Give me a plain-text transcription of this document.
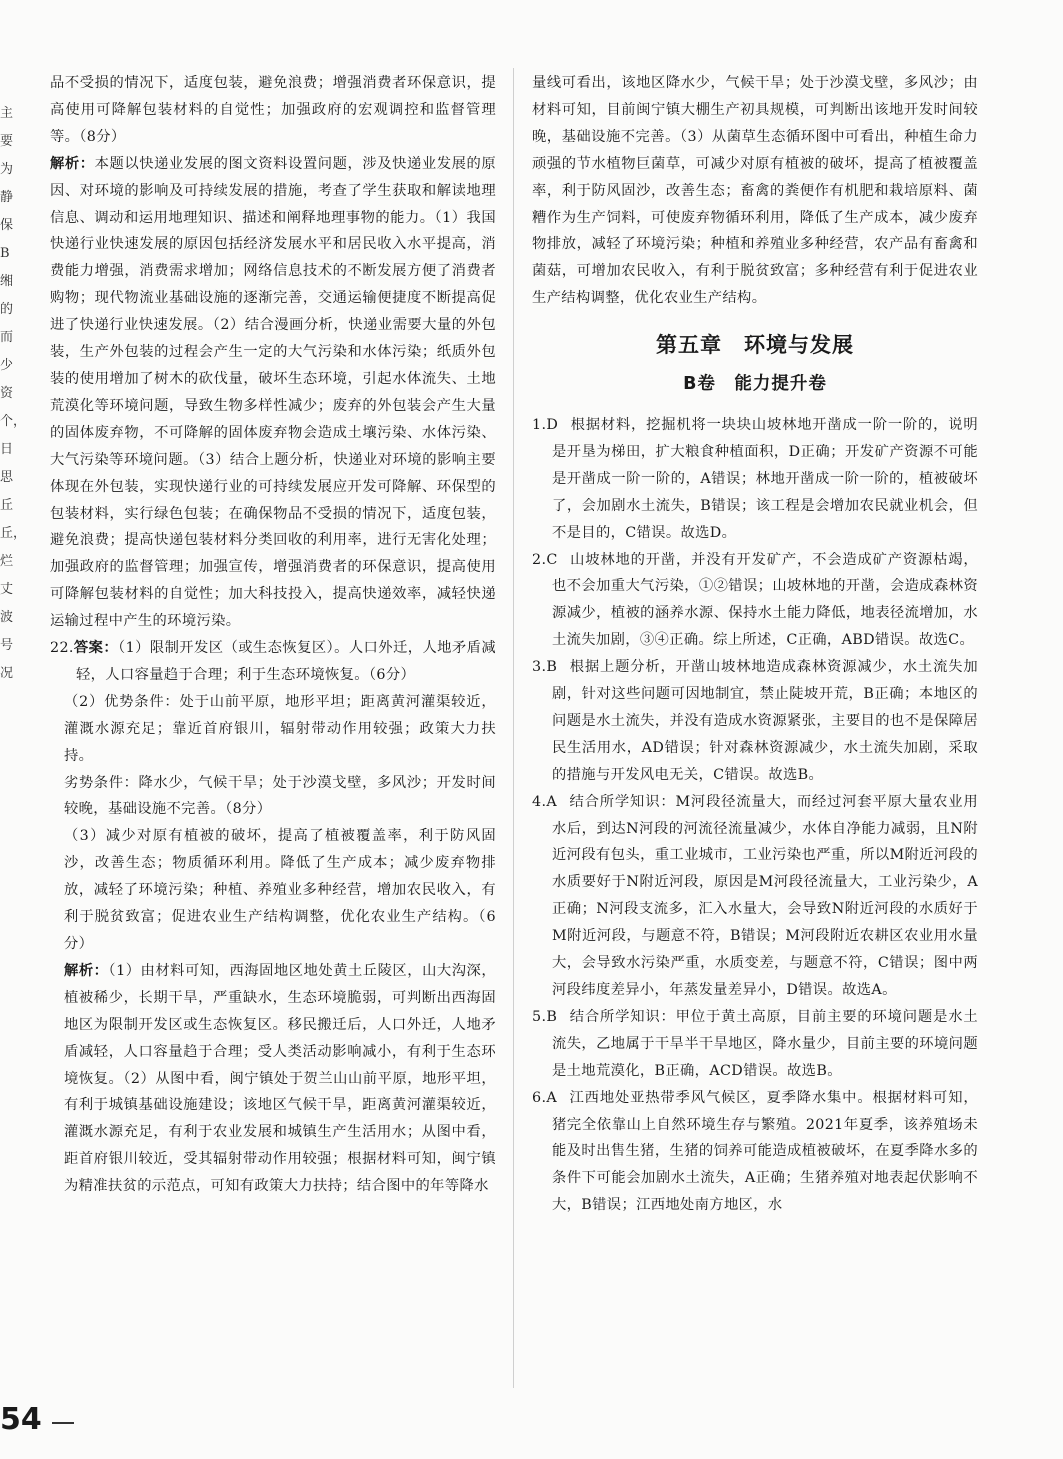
主要为静保B缃的而少资个，日思丘丘，烂丈波号况

品不受损的情况下，适度包装，避免浪费；增强消费者环保意识，提高使用可降解包装材料的自觉性；加强政府的宏观调控和监督管理等。（8分）

解析：本题以快递业发展的图文资料设置问题，涉及快递业发展的原因、对环境的影响及可持续发展的措施，考查了学生获取和解读地理信息、调动和运用地理知识、描述和阐释地理事物的能力。（1）我国快递行业快速发展的原因包括经济发展水平和居民收入水平提高，消费能力增强，消费需求增加；网络信息技术的不断发展方便了消费者购物；现代物流业基础设施的逐渐完善，交通运输便捷度不断提高促进了快递行业快速发展。（2）结合漫画分析，快递业需要大量的外包装，生产外包装的过程会产生一定的大气污染和水体污染；纸质外包装的使用增加了树木的砍伐量，破坏生态环境，引起水体流失、土地荒漠化等环境问题，导致生物多样性减少；废弃的外包装会产生大量的固体废弃物，不可降解的固体废弃物会造成土壤污染、水体污染、大气污染等环境问题。（3）结合上题分析，快递业对环境的影响主要体现在外包装，实现快递行业的可持续发展应开发可降解、环保型的包装材料，实行绿色包装；在确保物品不受损的情况下，适度包装，避免浪费；提高快递包装材料分类回收的利用率，进行无害化处理；加强政府的监督管理；加强宣传，增强消费者的环保意识，提高使用可降解包装材料的自觉性；加大科技投入，提高快递效率，减轻快递运输过程中产生的环境污染。

22.答案：（1）限制开发区（或生态恢复区）。人口外迁，人地矛盾减轻，人口容量趋于合理；利于生态环境恢复。（6分）

（2）优势条件：处于山前平原，地形平坦；距离黄河灌渠较近，灌溉水源充足；靠近首府银川，辐射带动作用较强；政策大力扶持。

劣势条件：降水少，气候干旱；处于沙漠戈壁，多风沙；开发时间较晚，基础设施不完善。（8分）

（3）减少对原有植被的破坏，提高了植被覆盖率，利于防风固沙，改善生态；物质循环利用。降低了生产成本；减少废弃物排放，减轻了环境污染；种植、养殖业多种经营，增加农民收入，有利于脱贫致富；促进农业生产结构调整，优化农业生产结构。（6分）

解析：（1）由材料可知，西海固地区地处黄土丘陵区，山大沟深，植被稀少，长期干旱，严重缺水，生态环境脆弱，可判断出西海固地区为限制开发区或生态恢复区。移民搬迁后，人口外迁，人地矛盾减轻，人口容量趋于合理；受人类活动影响减小，有利于生态环境恢复。（2）从图中看，闽宁镇处于贺兰山山前平原，地形平坦，有利于城镇基础设施建设；该地区气候干旱，距离黄河灌渠较近，灌溉水源充足，有利于农业发展和城镇生产生活用水；从图中看，距首府银川较近，受其辐射带动作用较强；根据材料可知，闽宁镇为精准扶贫的示范点，可知有政策大力扶持；结合图中的年等降水

量线可看出，该地区降水少，气候干旱；处于沙漠戈壁，多风沙；由材料可知，目前闽宁镇大棚生产初具规模，可判断出该地开发时间较晚，基础设施不完善。（3）从菌草生态循环图中可看出，种植生命力顽强的节水植物巨菌草，可减少对原有植被的破坏，提高了植被覆盖率，利于防风固沙，改善生态；畜禽的粪便作有机肥和栽培原料、菌糟作为生产饲料，可使废弃物循环利用，降低了生产成本，减少废弃物排放，减轻了环境污染；种植和养殖业多种经营，农产品有畜禽和菌菇，可增加农民收入，有利于脱贫致富；多种经营有利于促进农业生产结构调整，优化农业生产结构。

第五章　环境与发展
B卷　能力提升卷

1.D 根据材料，挖掘机将一块块山坡林地开凿成一阶一阶的，说明是开垦为梯田，扩大粮食种植面积，D正确；开发矿产资源不可能是开凿成一阶一阶的，A错误；林地开凿成一阶一阶的，植被破坏了，会加剧水土流失，B错误；该工程是会增加农民就业机会，但不是目的，C错误。故选D。

2.C 山坡林地的开凿，并没有开发矿产，不会造成矿产资源枯竭，也不会加重大气污染，①②错误；山坡林地的开凿，会造成森林资源减少，植被的涵养水源、保持水土能力降低，地表径流增加，水土流失加剧，③④正确。综上所述，C正确，ABD错误。故选C。

3.B 根据上题分析，开凿山坡林地造成森林资源减少，水土流失加剧，针对这些问题可因地制宜，禁止陡坡开荒，B正确；本地区的问题是水土流失，并没有造成水资源紧张，主要目的也不是保障居民生活用水，AD错误；针对森林资源减少，水土流失加剧，采取的措施与开发风电无关，C错误。故选B。

4.A 结合所学知识：M河段径流量大，而经过河套平原大量农业用水后，到达N河段的河流径流量减少，水体自净能力减弱，且N附近河段有包头，重工业城市，工业污染也严重，所以M附近河段的水质要好于N附近河段，原因是M河段径流量大，工业污染少，A正确；N河段支流多，汇入水量大，会导致N附近河段的水质好于M附近河段，与题意不符，B错误；M河段附近农耕区农业用水量大，会导致水污染严重，水质变差，与题意不符，C错误；图中两河段纬度差异小，年蒸发量差异小，D错误。故选A。

5.B 结合所学知识：甲位于黄土高原，目前主要的环境问题是水土流失，乙地属于干旱半干旱地区，降水量少，目前主要的环境问题是土地荒漠化，B正确，ACD错误。故选B。

6.A 江西地处亚热带季风气候区，夏季降水集中。根据材料可知，猪完全依靠山上自然环境生存与繁殖。2021年夏季，该养殖场未能及时出售生猪，生猪的饲养可能造成植被破坏，在夏季降水多的条件下可能会加剧水土流失，A正确；生猪养殖对地表起伏影响不大，B错误；江西地处南方地区，水

54
